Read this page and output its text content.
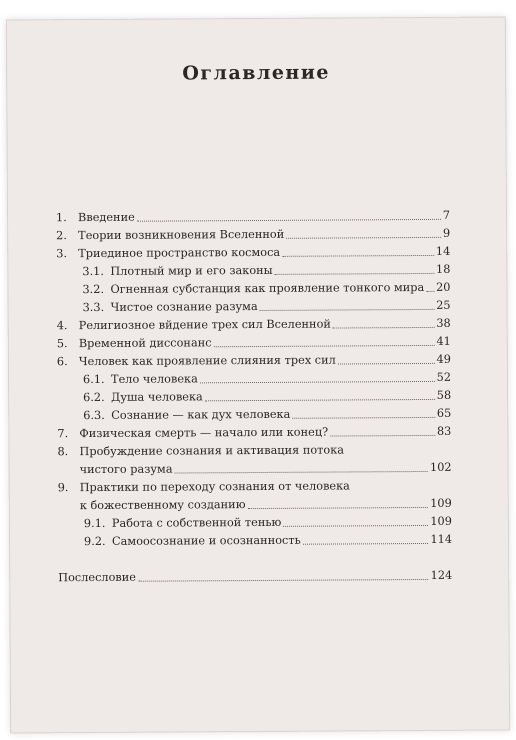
Оглавление
1. Введение	7
2. Теории возникновения Вселенной	9
3. Триединое пространство космоса	14
3.1. Плотный мир и его законы	18
3.2. Огненная субстанция как проявление тонкого мира 20
3.3. Чистое сознание разума	25
4. Религиозное вйдение трех сил Вселенной	38
5. Временной диссонанс	41
6. Человек как проявление слияния трех сил	49
6.1. Тело человека	52
6.2. Душа человека	58
6.3. Сознание — как дух человека	65
7. Физическая смерть — начало или конец?	83
8. Пробуждение сознания и активация потока
чистого разума	102
9. Практики по переходу сознания от человека
к божественному созданию	109
9.1. Работа с собственной тенью	109
9.2. Самоосознание и осознанность	114
Послесловие	124
